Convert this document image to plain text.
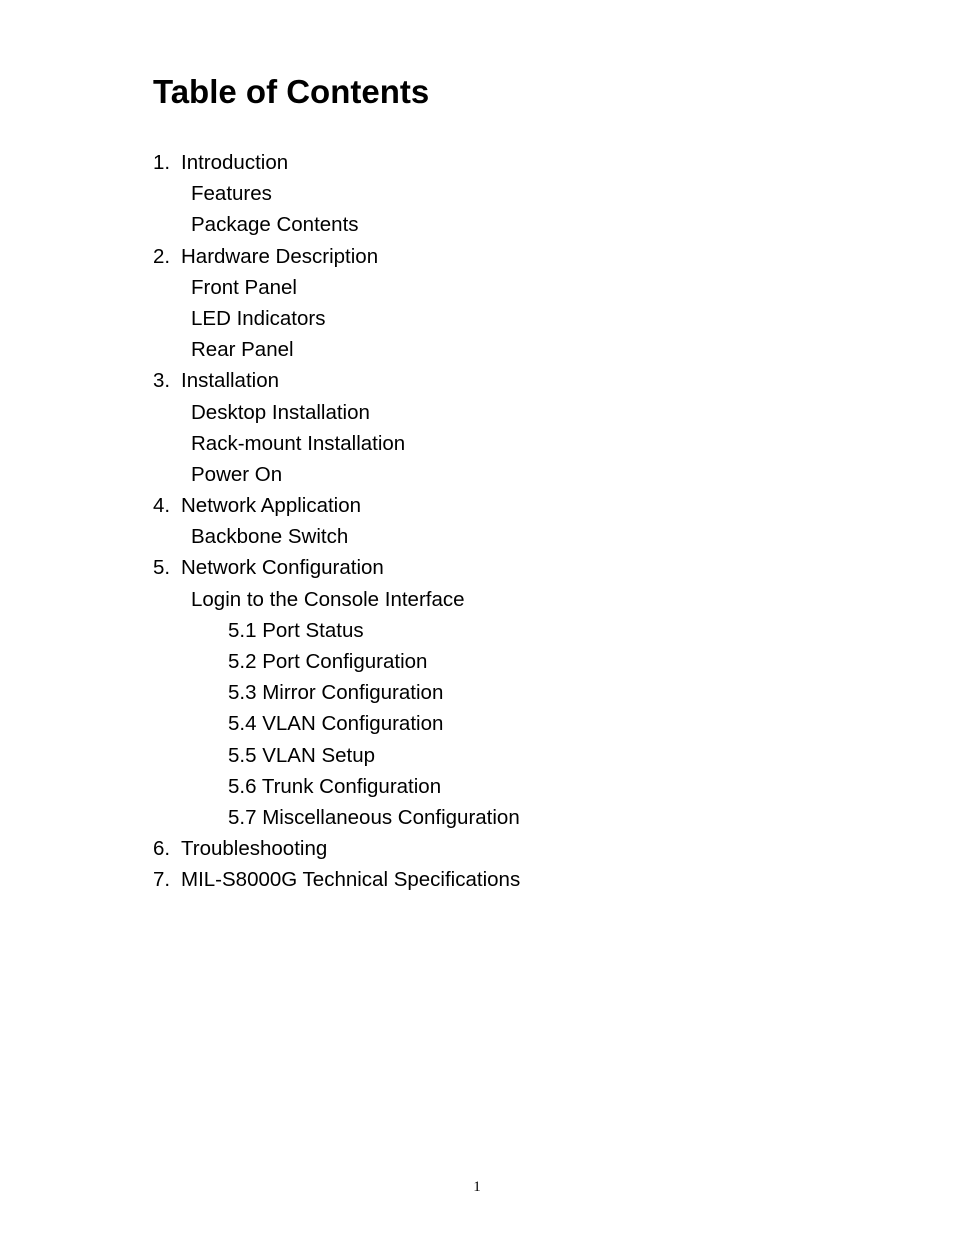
Table of Contents
1. Introduction
Features
Package Contents
2. Hardware Description
Front Panel
LED Indicators
Rear Panel
3. Installation
Desktop Installation
Rack-mount Installation
Power On
4. Network Application
Backbone Switch
5. Network Configuration
Login to the Console Interface
5.1 Port Status
5.2 Port Configuration
5.3 Mirror Configuration
5.4 VLAN Configuration
5.5 VLAN Setup
5.6 Trunk Configuration
5.7 Miscellaneous Configuration
6. Troubleshooting
7. MIL-S8000G Technical Specifications
1
